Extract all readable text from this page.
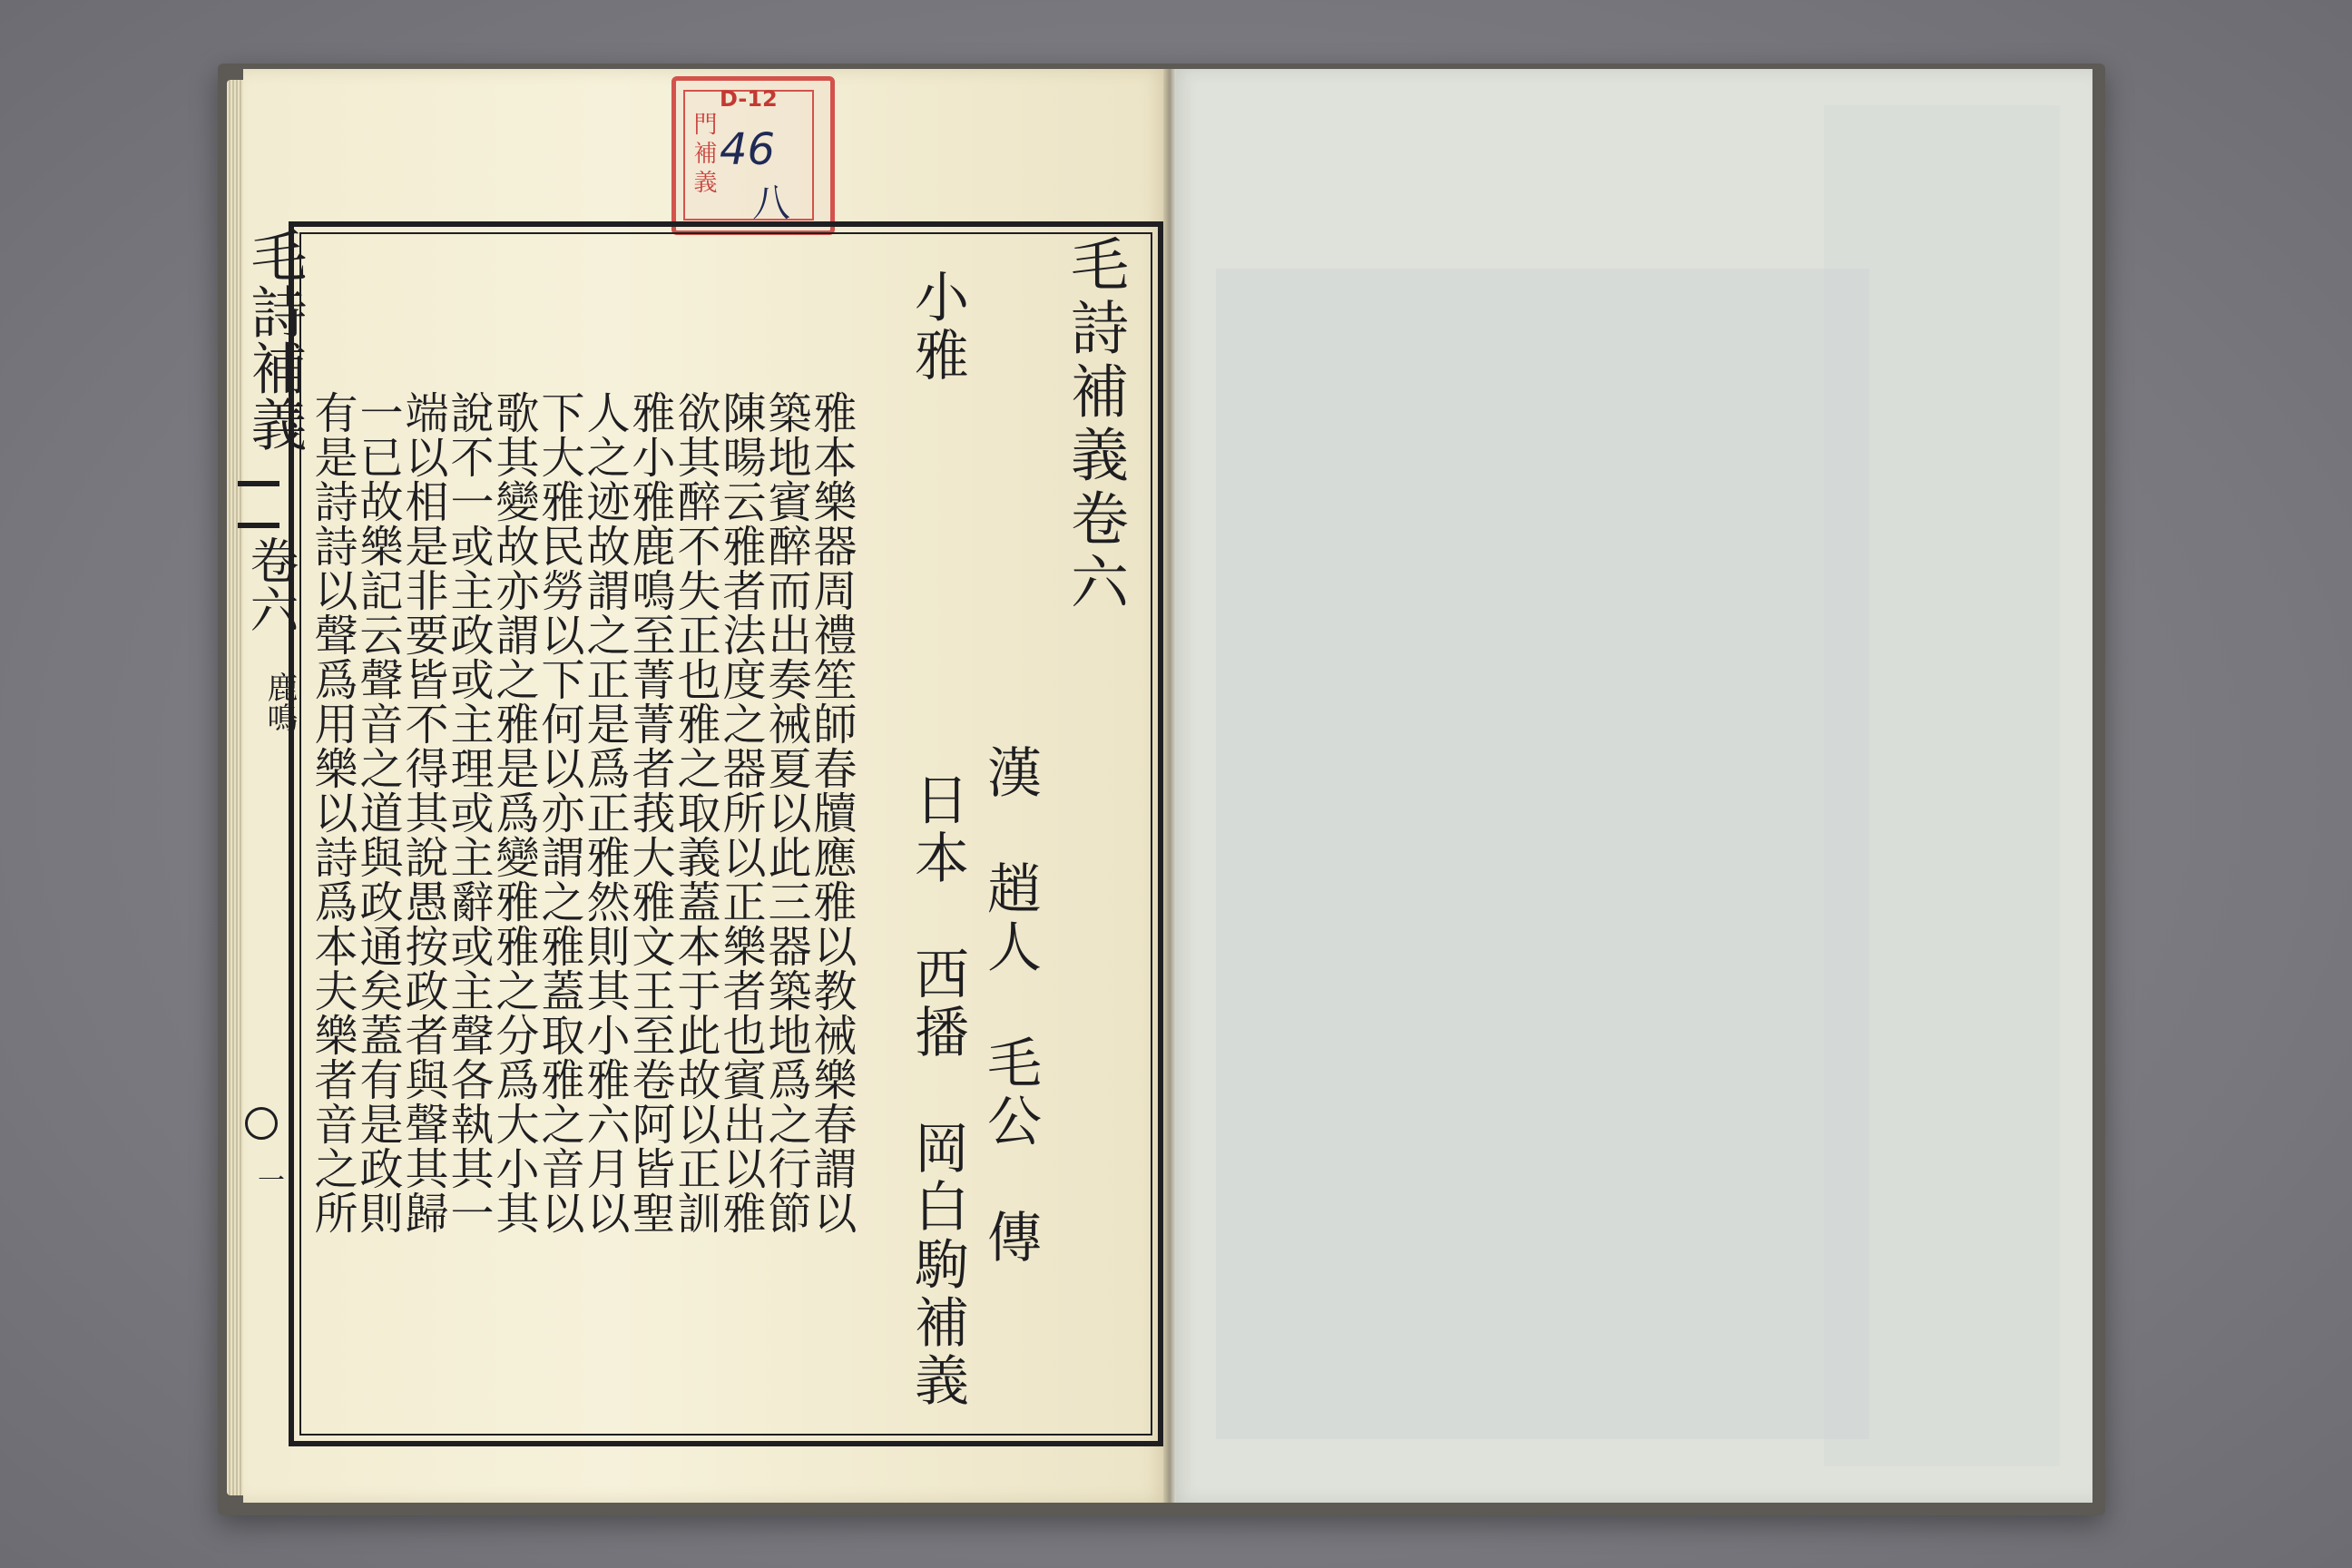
D-12
門補義 46
八
毛詩補義
卷六
鹿鳴
一
毛詩補義卷六
漢　趙人　毛公　傳
日本　西播　岡白駒補義
小雅
雅本樂器周禮笙師春牘應雅以教祴樂春謂以
築地賓醉而出奏祴夏以此三器築地爲之行節
陳暘云雅者法度之器所以正樂者也賓出以雅
欲其醉不失正也雅之取義蓋本于此故以正訓
雅小雅鹿鳴至菁菁者莪大雅文王至卷阿皆聖
人之迹故謂之正是爲正雅然則其小雅六月以
下大雅民勞以下何以亦謂之雅蓋取雅之音以
歌其變故亦謂之雅是爲變雅雅之分爲大小其
說不一或主政或主理或主辭或主聲各執其一
端以相是非要皆不得其說愚按政者與聲其歸
一已故樂記云聲音之道與政通矣蓋有是政則
有是詩詩以聲爲用樂以詩爲本夫樂者音之所
